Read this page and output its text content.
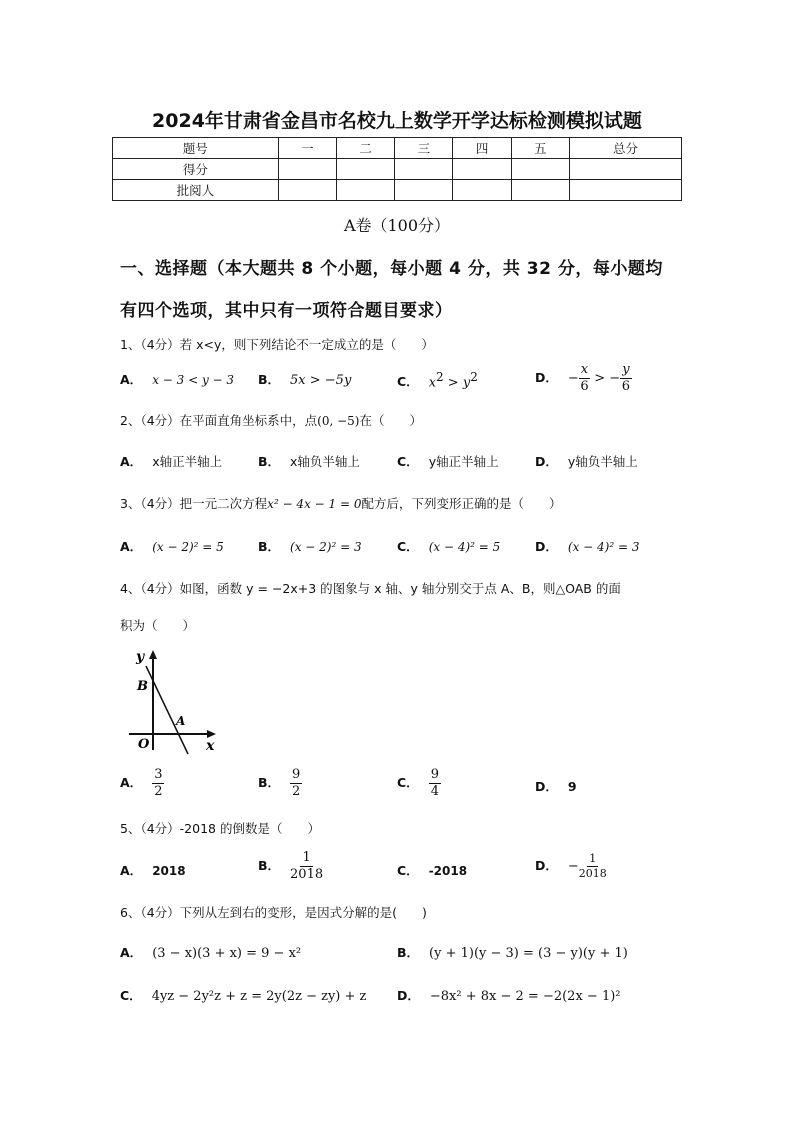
2024年甘肃省金昌市名校九上数学开学达标检测模拟试题
题号	一	二	三	四	五	总分
得分						
批阅人						
A卷（100分）
一、选择题（本大题共 8 个小题，每小题 4 分，共 32 分，每小题均
有四个选项，其中只有一项符合题目要求）
1、（4分）若 x<y，则下列结论不一定成立的是（　　）
A． x − 3 < y − 3 B． 5x > −5y	C． $x^2 > y^2$	D． − $\frac{x}{6}$ > − $\frac{y}{6}$
2、（4分）在平面直角坐标系中，点(0, −5)在（　　）
A． x轴正半轴上	B． x轴负半轴上	C． y轴正半轴上	D． y轴负半轴上
3、（4分）把一元二次方程x² − 4x − 1 = 0配方后，下列变形正确的是（　　）
A． (x − 2)² = 5	B． (x − 2)² = 3	C． (x − 4)² = 5	D． (x − 4)² = 3
4、（4分）如图，函数 y = −2x+3 的图象与 x 轴、y 轴分别交于点 A、B，则△OAB 的面
积为（　　）
y
x
B
A
O
A． $\frac{3}{2}$	B． $\frac{9}{2}$	C． $\frac{9}{4}$	D． 9
5、（4分）-2018 的倒数是（　　）
A． 2018	B． $\frac{1}{2018}$	C． -2018	D． − $\frac{1}{2018}$
6、（4分）下列从左到右的变形，是因式分解的是(　　)
A． (3 − x)(3 + x) = 9 − x²	B． (y + 1)(y − 3) = (3 − y)(y + 1)
C． 4yz − 2y²z + z = 2y(2z − zy) + z D． −8x² + 8x − 2 = −2(2x − 1)²
